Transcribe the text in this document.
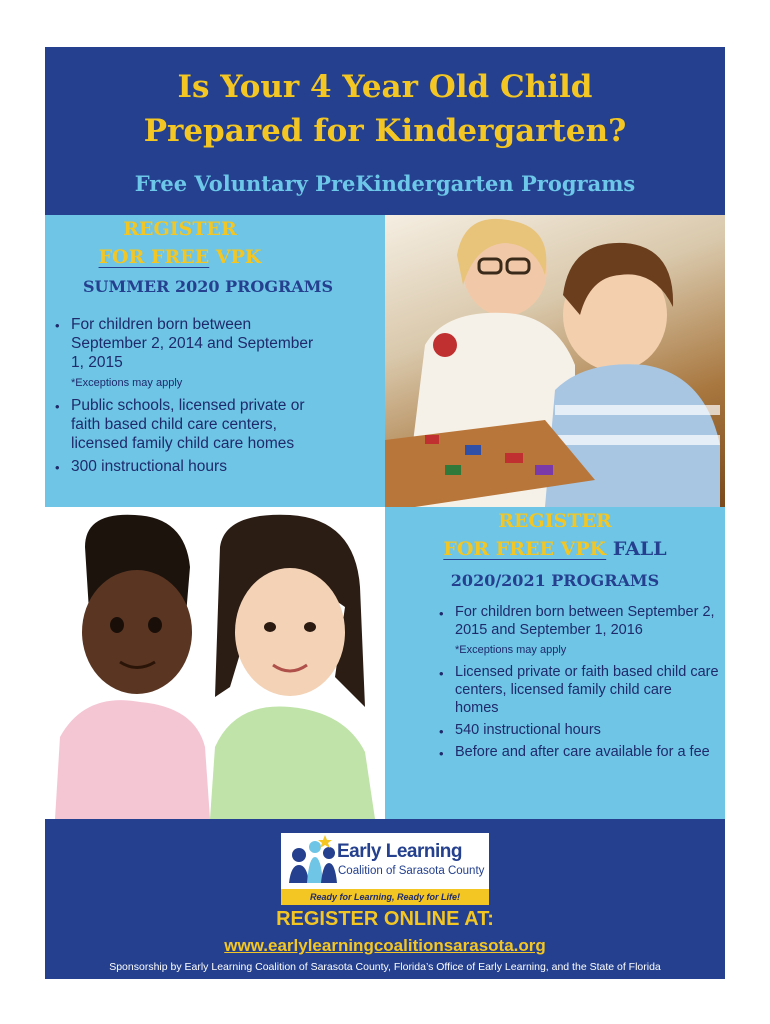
Is Your 4 Year Old Child
Prepared for Kindergarten?
Free Voluntary PreKindergarten Programs
REGISTER
FOR FREE VPK
SUMMER 2020 PROGRAMS
• For children born between September 2, 2014 and September 1, 2015
*Exceptions may apply
• Public schools, licensed private or faith based child care centers, licensed family child care homes
• 300 instructional hours
REGISTER
FOR FREE VPK FALL
2020/2021 PROGRAMS
• For children born between September 2, 2015 and September 1, 2016
*Exceptions may apply
• Licensed private or faith based child care centers, licensed family child care homes
• 540 instructional hours
• Before and after care available for a fee
Early Learning
Coalition of Sarasota County
Ready for Learning, Ready for Life!
REGISTER ONLINE AT:
www.earlylearningcoalitionsarasota.org
Sponsorship by Early Learning Coalition of Sarasota County, Florida’s Office of Early Learning, and the State of Florida
